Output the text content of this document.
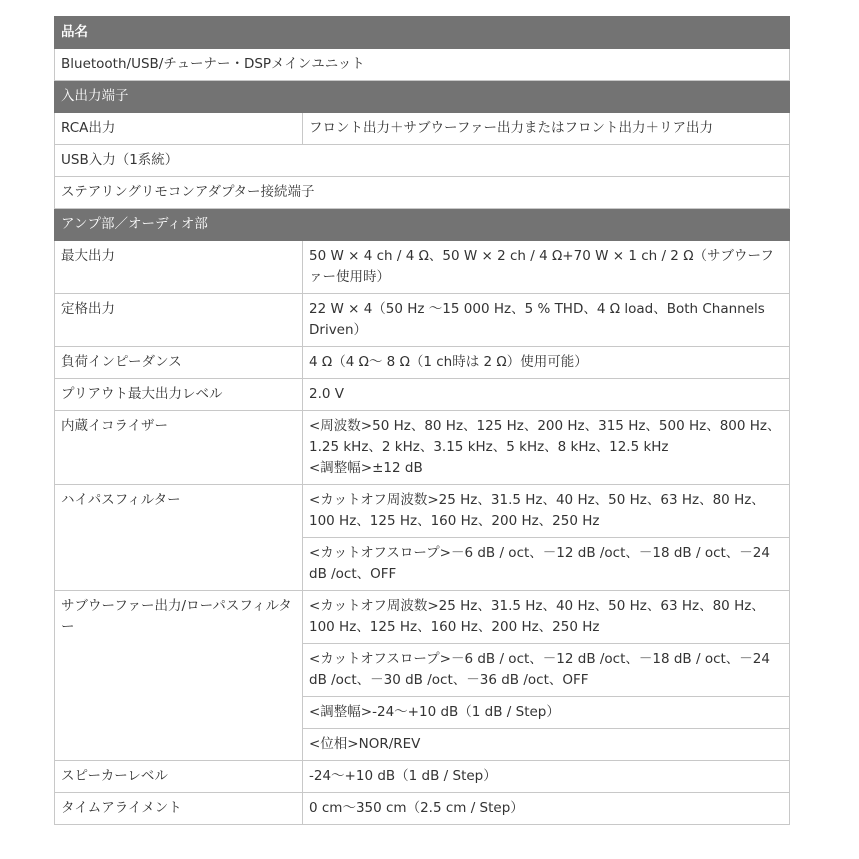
品名	
Bluetooth/USB/チューナー・DSPメインユニット	
入出力端子	
RCA出力	フロント出力＋サブウーファー出力またはフロント出力＋リア出力
USB入力（1系統）	
ステアリングリモコンアダプター接続端子	
アンプ部／オーディオ部	
最大出力	50 W × 4 ch / 4 Ω、50 W × 2 ch / 4 Ω+70 W × 1 ch / 2 Ω（サブウーファー使用時）
定格出力	22 W × 4（50 Hz ～15 000 Hz、5 % THD、4 Ω load、Both Channels Driven）
負荷インピーダンス	4 Ω（4 Ω～ 8 Ω（1 ch時は 2 Ω）使用可能）
プリアウト最大出力レベル	2.0 V
内蔵イコライザー	<周波数>50 Hz、80 Hz、125 Hz、200 Hz、315 Hz、500 Hz、800 Hz、1.25 kHz、2 kHz、3.15 kHz、5 kHz、8 kHz、12.5 kHz
<調整幅>±12 dB
ハイパスフィルター	<カットオフ周波数>25 Hz、31.5 Hz、40 Hz、50 Hz、63 Hz、80 Hz、100 Hz、125 Hz、160 Hz、200 Hz、250 Hz
	<カットオフスロープ>－6 dB / oct、－12 dB /oct、－18 dB / oct、－24 dB /oct、OFF
サブウーファー出力/ローパスフィルター	<カットオフ周波数>25 Hz、31.5 Hz、40 Hz、50 Hz、63 Hz、80 Hz、100 Hz、125 Hz、160 Hz、200 Hz、250 Hz
	<カットオフスロープ>－6 dB / oct、－12 dB /oct、－18 dB / oct、－24 dB /oct、－30 dB /oct、－36 dB /oct、OFF
	<調整幅>-24～+10 dB（1 dB / Step）
	<位相>NOR/REV
スピーカーレベル	-24～+10 dB（1 dB / Step）
タイムアライメント	0 cm～350 cm（2.5 cm / Step）
